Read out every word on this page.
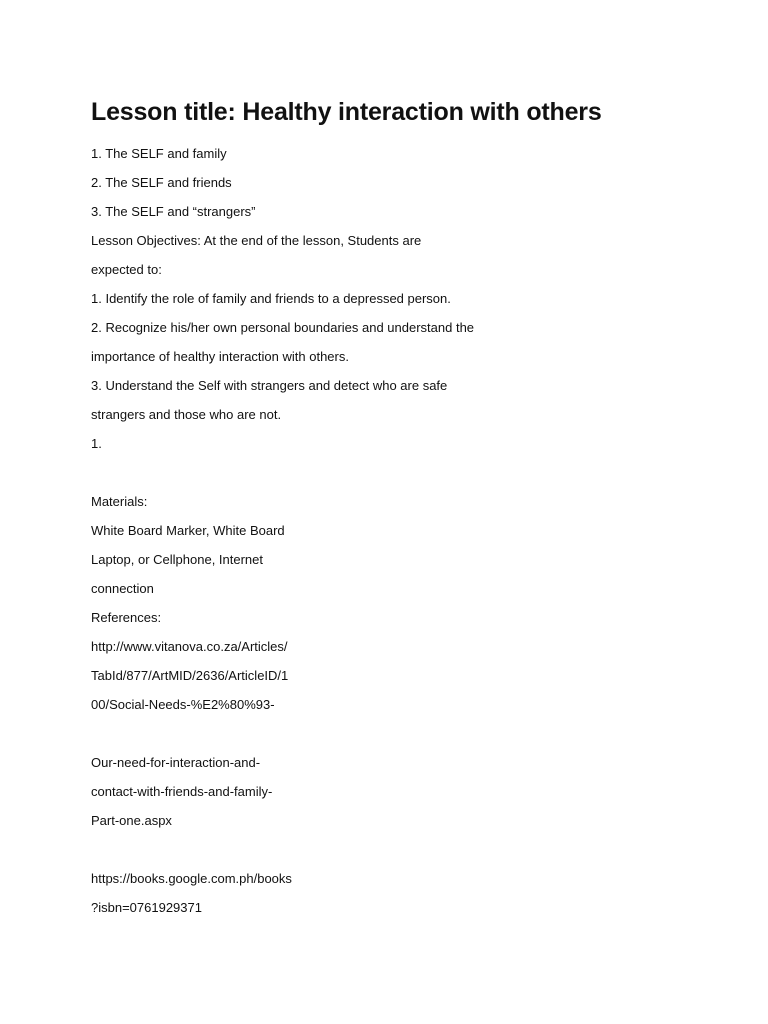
Lesson title: Healthy interaction with others
1. The SELF and family
2. The SELF and friends
3. The SELF and “strangers”
Lesson Objectives: At the end of the lesson, Students are
expected to:
1. Identify the role of family and friends to a depressed person.
2. Recognize his/her own personal boundaries and understand the
importance of healthy interaction with others.
3. Understand the Self with strangers and detect who are safe
strangers and those who are not.
1.
Materials:
White Board Marker, White Board
Laptop, or Cellphone, Internet
connection
References:
http://www.vitanova.co.za/Articles/
TabId/877/ArtMID/2636/ArticleID/1
00/Social-Needs-%E2%80%93-
Our-need-for-interaction-and-
contact-with-friends-and-family-
Part-one.aspx
https://books.google.com.ph/books
?isbn=0761929371
